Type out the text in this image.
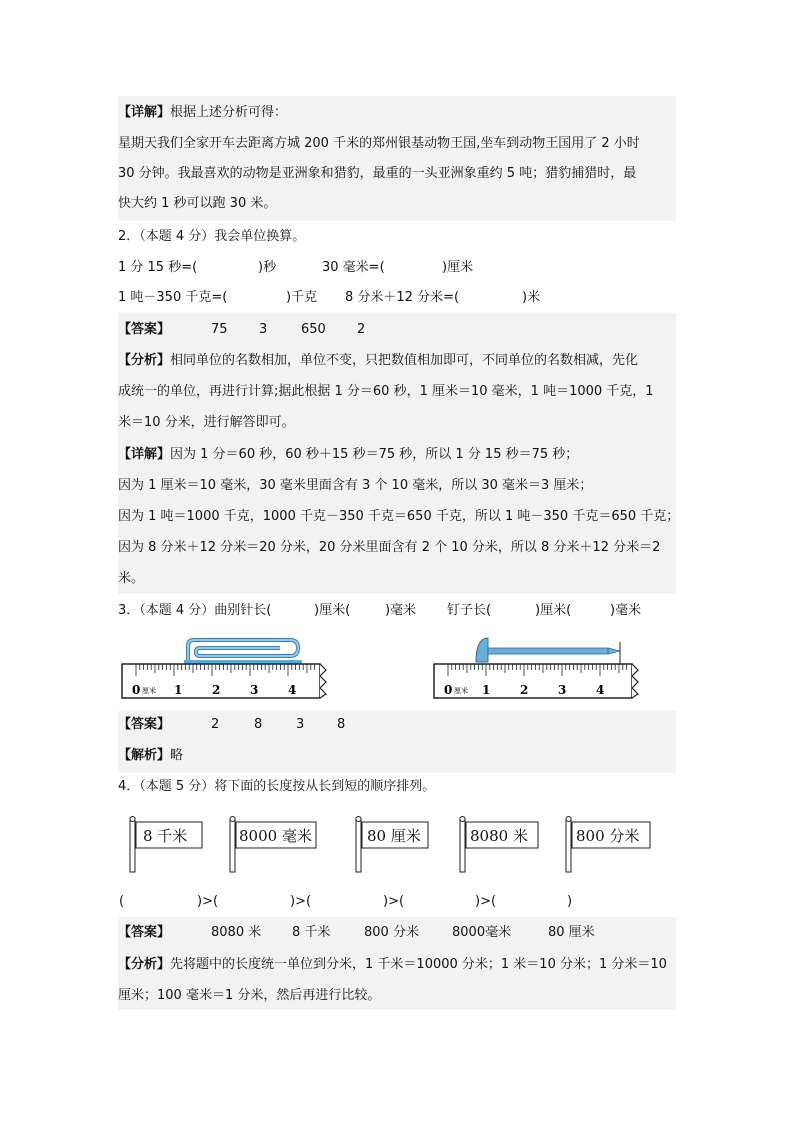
【详解】根据上述分析可得：
星期天我们全家开车去距离方城 200 千米的郑州银基动物王国,坐车到动物王国用了 2 小时
30 分钟。我最喜欢的动物是亚洲象和猎豹，最重的一头亚洲象重约 5 吨；猎豹捕猎时，最
快大约 1 秒可以跑 30 米。
2．（本题 4 分）我会单位换算。
1 分 15 秒=(	)秒	30 毫米=(	)厘米
1 吨－350 千克=(	)千克 8 分米＋12 分米=(	)米
【答案】	75 3	650 2
【分析】相同单位的名数相加，单位不变，只把数值相加即可，不同单位的名数相减，先化
成统一的单位，再进行计算;据此根据 1 分＝60 秒，1 厘米＝10 毫米，1 吨＝1000 千克，1
米＝10 分米，进行解答即可。
【详解】因为 1 分＝60 秒，60 秒＋15 秒＝75 秒，所以 1 分 15 秒＝75 秒；
因为 1 厘米＝10 毫米，30 毫米里面含有 3 个 10 毫米，所以 30 毫米＝3 厘米；
因为 1 吨＝1000 千克，1000 千克－350 千克＝650 千克，所以 1 吨－350 千克＝650 千克；
因为 8 分米＋12 分米＝20 分米，20 分米里面含有 2 个 10 分米，所以 8 分米＋12 分米＝2
米。
3．（本题 4 分）曲别针长(	)厘米(	)毫米 钉子长(	)厘米(	)毫米
0 厘米 1 2 3 4	0 厘米 1 2 3 4
【答案】	2	8	3	8
【解析】略
4．（本题 5 分）将下面的长度按从长到短的顺序排列。
8 千米	8000 毫米	80 厘米	8080 米	800 分米
(	)>(	)>(	)>(	)>(	)
【答案】	8080 米 8 千米	800 分米	8000毫米	80 厘米
【分析】先将题中的长度统一单位到分米，1 千米＝10000 分米；1 米＝10 分米；1 分米＝10
厘米；100 毫米＝1 分米，然后再进行比较。
